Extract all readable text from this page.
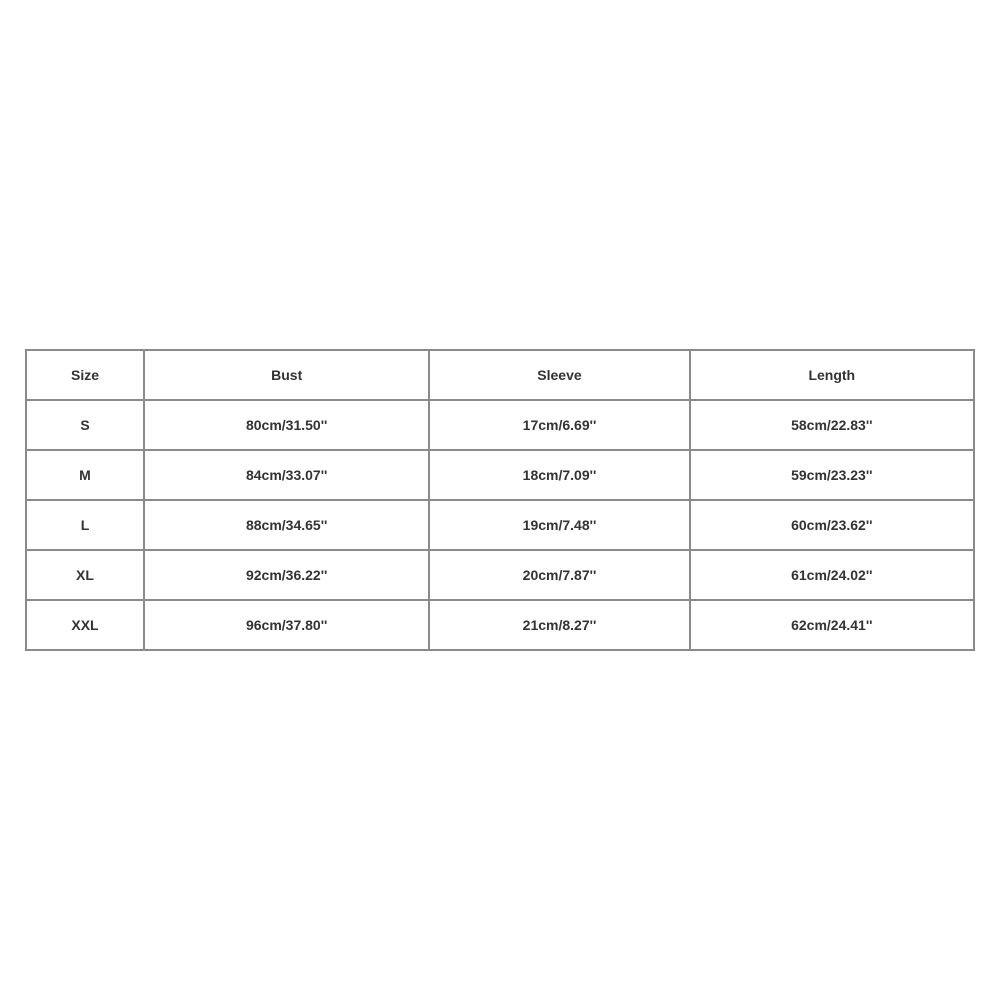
Size	Bust	Sleeve	Length
S	80cm/31.50''	17cm/6.69''	58cm/22.83''
M	84cm/33.07''	18cm/7.09''	59cm/23.23''
L	88cm/34.65''	19cm/7.48''	60cm/23.62''
XL	92cm/36.22''	20cm/7.87''	61cm/24.02''
XXL	96cm/37.80''	21cm/8.27''	62cm/24.41''
